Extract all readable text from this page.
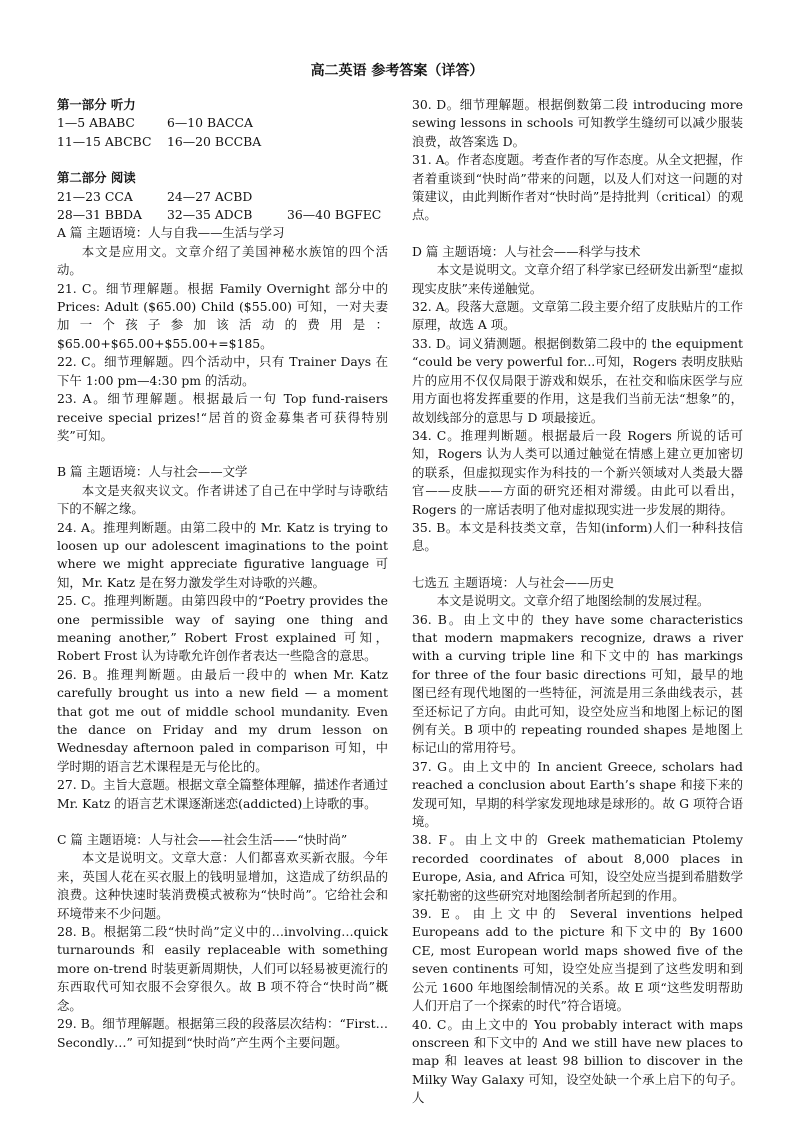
高二英语 参考答案（详答）

第一部分 听力

1—5 ABABC	6—10 BACCA
11—15 ABCBC	16—20 BCCBA

第二部分 阅读

21—23 CCA	24—27 ACBD
28—31 BBDA	32—35 ADCB	36—40 BGFEC

A 篇 主题语境：人与自我——生活与学习

本文是应用文。文章介绍了美国神秘水族馆的四个活动。

21. C。细节理解题。根据 Family Overnight 部分中的 Prices: Adult ($65.00) Child ($55.00) 可知，一对夫妻加一个孩子参加该活动的费用是：$65.00+$65.00+$55.00+=$185。

22. C。细节理解题。四个活动中，只有 Trainer Days 在下午 1:00 pm—4:30 pm 的活动。

23. A。细节理解题。根据最后一句 Top fund-raisers receive special prizes!“居首的资金募集者可获得特别奖”可知。

B 篇 主题语境：人与社会——文学

本文是夹叙夹议文。作者讲述了自己在中学时与诗歌结下的不解之缘。

24. A。推理判断题。由第二段中的 Mr. Katz is trying to loosen up our adolescent imaginations to the point where we might appreciate figurative language 可知，Mr. Katz 是在努力激发学生对诗歌的兴趣。

25. C。推理判断题。由第四段中的“Poetry provides the one permissible way of saying one thing and meaning another,” Robert Frost explained 可知，Robert Frost 认为诗歌允许创作者表达一些隐含的意思。

26. B。推理判断题。由最后一段中的 when Mr. Katz carefully brought us into a new field — a moment that got me out of middle school mundanity. Even the dance on Friday and my drum lesson on Wednesday afternoon paled in comparison 可知，中学时期的语言艺术课程是无与伦比的。

27. D。主旨大意题。根据文章全篇整体理解，描述作者通过 Mr. Katz 的语言艺术课逐渐迷恋(addicted)上诗歌的事。

C 篇 主题语境：人与社会——社会生活——“快时尚”

本文是说明文。文章大意：人们都喜欢买新衣服。今年来，英国人花在买衣服上的钱明显增加，这造成了纺织品的浪费。这种快速时装消费模式被称为“快时尚”。它给社会和环境带来不少问题。

28. B。根据第二段“快时尚”定义中的…involving…quick turnarounds 和 easily replaceable with something more on-trend 时装更新周期快，人们可以轻易被更流行的东西取代可知衣服不会穿很久。故 B 项不符合“快时尚”概念。

29. B。细节理解题。根据第三段的段落层次结构：“First… Secondly…” 可知提到“快时尚”产生两个主要问题。

30. D。细节理解题。根据倒数第二段 introducing more sewing lessons in schools 可知教学生缝纫可以减少服装浪费，故答案选 D。

31. A。作者态度题。考查作者的写作态度。从全文把握，作者着重谈到“快时尚”带来的问题，以及人们对这一问题的对策建议，由此判断作者对“快时尚”是持批判（critical）的观点。

D 篇 主题语境：人与社会——科学与技术

本文是说明文。文章介绍了科学家已经研发出新型“虚拟现实皮肤”来传递触觉。

32. A。段落大意题。文章第二段主要介绍了皮肤贴片的工作原理，故选 A 项。

33. D。词义猜测题。根据倒数第二段中的 the equipment “could be very powerful for...可知，Rogers 表明皮肤贴片的应用不仅仅局限于游戏和娱乐，在社交和临床医学与应用方面也将发挥重要的作用，这是我们当前无法“想象”的，故划线部分的意思与 D 项最接近。

34. C。推理判断题。根据最后一段 Rogers 所说的话可知，Rogers 认为人类可以通过触觉在情感上建立更加密切的联系，但虚拟现实作为科技的一个新兴领域对人类最大器官——皮肤——方面的研究还相对滞缓。由此可以看出，Rogers 的一席话表明了他对虚拟现实进一步发展的期待。

35. B。本文是科技类文章，告知(inform)人们一种科技信息。

七选五 主题语境：人与社会——历史

本文是说明文。文章介绍了地图绘制的发展过程。

36. B。由上文中的 they have some characteristics that modern mapmakers recognize, draws a river with a curving triple line 和下文中的 has markings for three of the four basic directions 可知，最早的地图已经有现代地图的一些特征，河流是用三条曲线表示，甚至还标记了方向。由此可知，设空处应当和地图上标记的图例有关。B 项中的 repeating rounded shapes 是地图上标记山的常用符号。

37. G。由上文中的 In ancient Greece, scholars had reached a conclusion about Earth’s shape 和接下来的发现可知，早期的科学家发现地球是球形的。故 G 项符合语境。

38. F。由上文中的 Greek mathematician Ptolemy recorded coordinates of about 8,000 places in Europe, Asia, and Africa 可知，设空处应当提到希腊数学家托勒密的这些研究对地图绘制者所起到的作用。

39. E。由上文中的 Several inventions helped Europeans add to the picture 和下文中的 By 1600 CE, most European world maps showed five of the seven continents 可知，设空处应当提到了这些发明和到公元 1600 年地图绘制情况的关系。故 E 项“这些发明帮助人们开启了一个探索的时代”符合语境。

40. C。由上文中的 You probably interact with maps onscreen 和下文中的 And we still have new places to map 和 leaves at least 98 billion to discover in the Milky Way Galaxy 可知，设空处缺一个承上启下的句子。人
